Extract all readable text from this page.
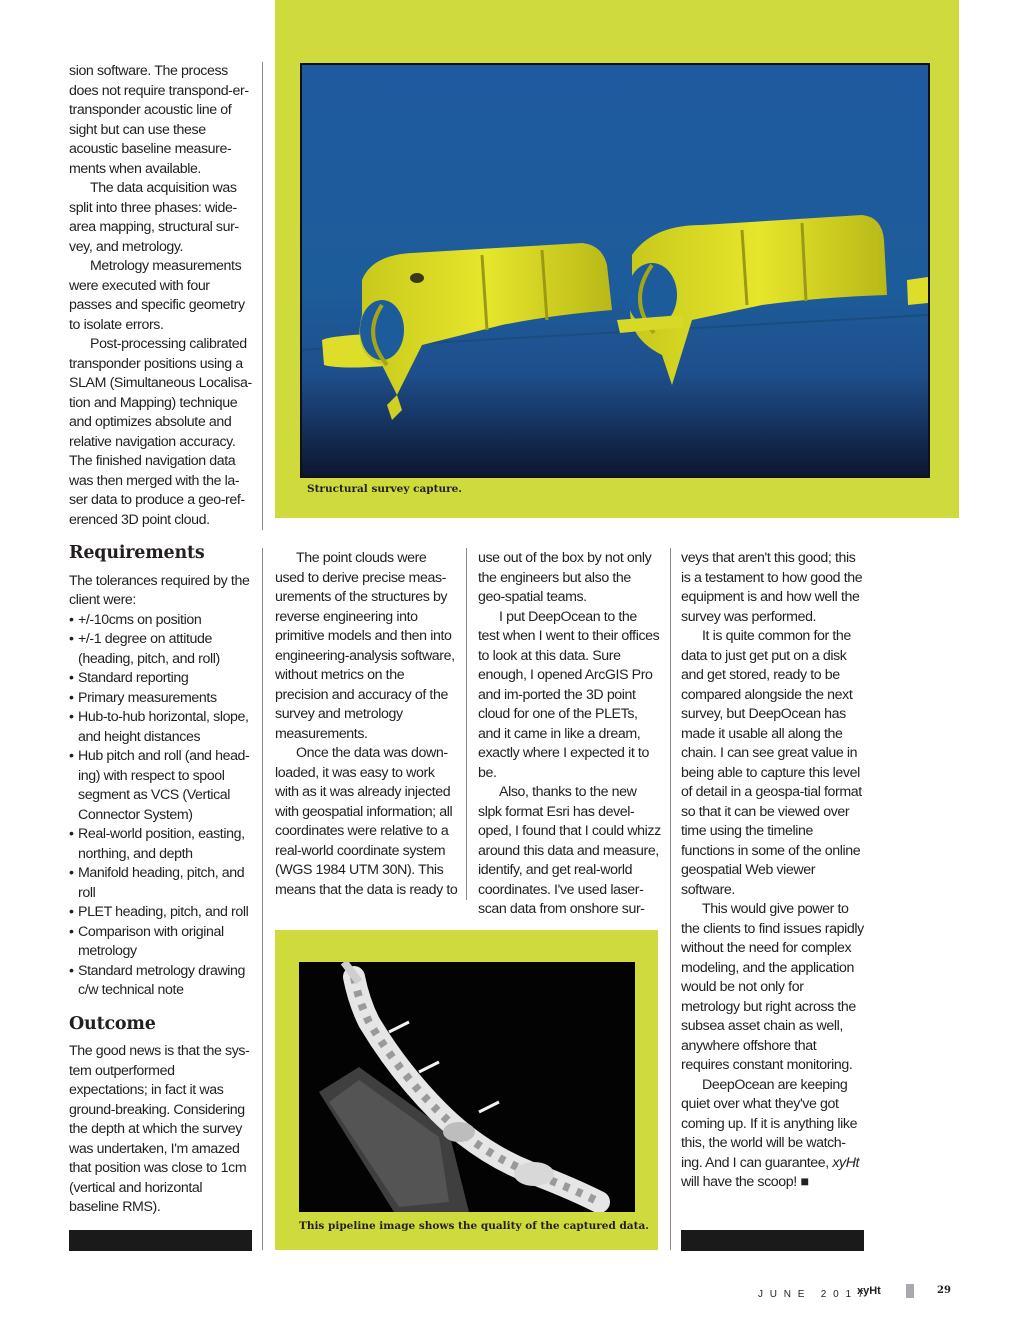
Structural survey capture.

sion software. The process does not require transpond-er-transponder acoustic line of sight but can use these acoustic baseline measure-ments when available.

The data acquisition was split into three phases: wide-area mapping, structural sur-vey, and metrology.

Metrology measurements were executed with four passes and specific geometry to isolate errors.

Post-processing calibrated transponder positions using a SLAM (Simultaneous Localisa-tion and Mapping) technique and optimizes absolute and relative navigation accuracy. The finished navigation data was then merged with the la-ser data to produce a geo-ref-erenced 3D point cloud.

Requirements

The tolerances required by the client were:

• +/-10cms on position
• +/-1 degree on attitude (heading, pitch, and roll)
• Standard reporting
• Primary measurements
• Hub-to-hub horizontal, slope, and height distances
• Hub pitch and roll (and head-ing) with respect to spool segment as VCS (Vertical Connector System)
• Real-world position, easting, northing, and depth
• Manifold heading, pitch, and roll
• PLET heading, pitch, and roll
• Comparison with original metrology
• Standard metrology drawing c/w technical note
Outcome

The good news is that the sys-tem outperformed expectations; in fact it was ground-breaking. Considering the depth at which the survey was undertaken, I'm amazed that position was close to 1cm (vertical and horizontal baseline RMS).

The point clouds were used to derive precise meas-urements of the structures by reverse engineering into primitive models and then into engineering-analysis software, without metrics on the precision and accuracy of the survey and metrology measurements.

Once the data was down-loaded, it was easy to work with as it was already injected with geospatial information; all coordinates were relative to a real-world coordinate system (WGS 1984 UTM 30N). This means that the data is ready to

use out of the box by not only the engineers but also the geo-spatial teams.

I put DeepOcean to the test when I went to their offices to look at this data. Sure enough, I opened ArcGIS Pro and im-ported the 3D point cloud for one of the PLETs, and it came in like a dream, exactly where I expected it to be.

Also, thanks to the new slpk format Esri has devel-oped, I found that I could whizz around this data and measure, identify, and get real-world coordinates. I've used laser-scan data from onshore sur-

veys that aren't this good; this is a testament to how good the equipment is and how well the survey was performed.

It is quite common for the data to just get put on a disk and get stored, ready to be compared alongside the next survey, but DeepOcean has made it usable all along the chain. I can see great value in being able to capture this level of detail in a geospa-tial format so that it can be viewed over time using the timeline functions in some of the online geospatial Web viewer software.

This would give power to the clients to find issues rapidly without the need for complex modeling, and the application would be not only for metrology but right across the subsea asset chain as well, anywhere offshore that requires constant monitoring.

DeepOcean are keeping quiet over what they've got coming up. If it is anything like this, the world will be watch-ing. And I can guarantee, xyHt will have the scoop! ■

This pipeline image shows the quality of the captured data.
J U N E   2 0 1 7
xyHt	29
